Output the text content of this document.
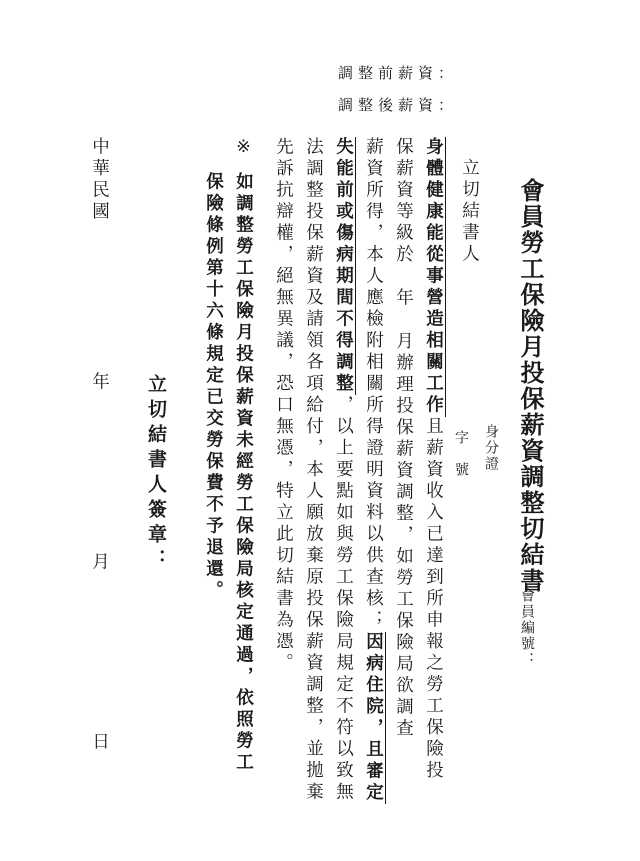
調整前薪資：
調整後薪資：
會員勞工保險月投保薪資調整切結書
會員編號：
立切結書人
身分證
字　號
身體健康能從事營造相關工作且薪資收入已達到所申報之勞工保險投
保薪資等級於年月辦理投保薪資調整，如勞工保險局欲調查
薪資所得，本人應檢附相關所得證明資料以供查核；因病住院，且審定
失能前或傷病期間不得調整，以上要點如與勞工保險局規定不符以致無
法調整投保薪資及請領各項給付，本人願放棄原投保薪資調整，並拋棄
先訴抗辯權，絕無異議，恐口無憑，特立此切結書為憑。
※
如調整勞工保險月投保薪資未經勞工保險局核定通過，依照勞工
保險條例第十六條規定已交勞保費不予退還。
立切結書人簽章：
中華民國
年
月
日
